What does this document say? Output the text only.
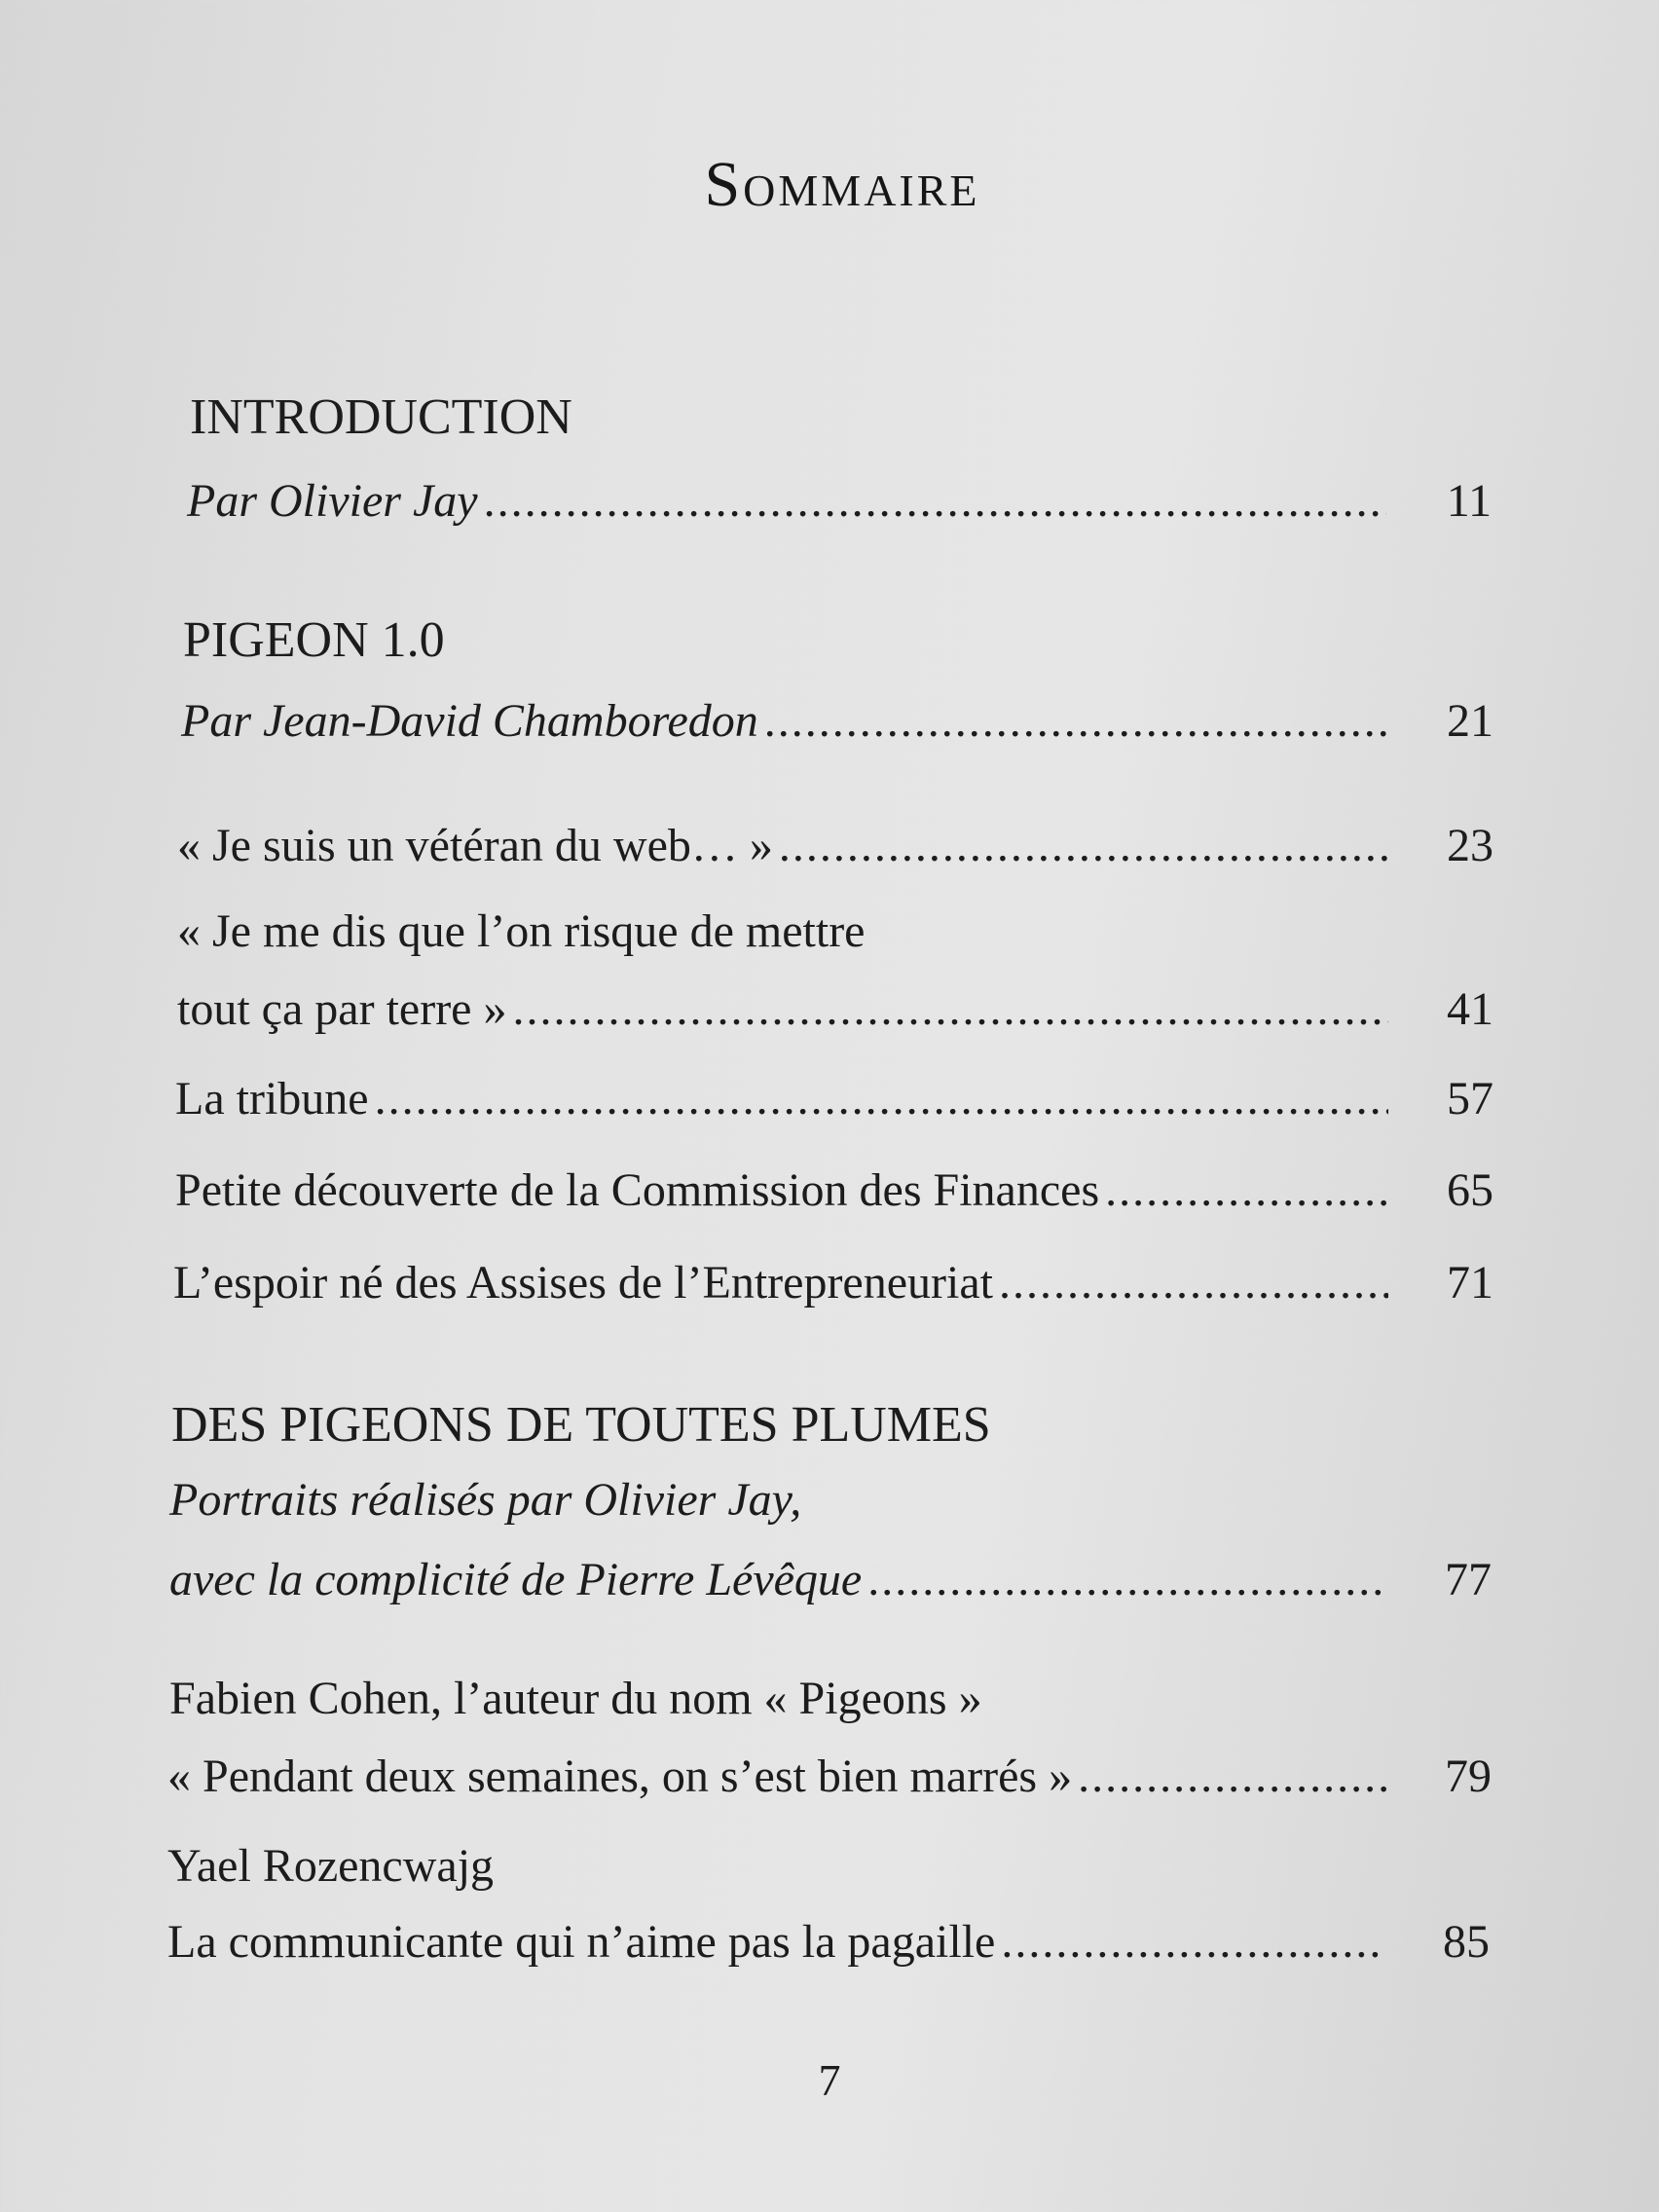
Sommaire
INTRODUCTION
Par Olivier Jay .....	11
PIGEON 1.0
Par Jean-David Chamboredon .....	21
« Je suis un vétéran du web… » .....	23
« Je me dis que l’on risque de mettre
tout ça par terre » .....	41
La tribune .....	57
Petite découverte de la Commission des Finances .....	65
L’espoir né des Assises de l’Entrepreneuriat .....	71
DES PIGEONS DE TOUTES PLUMES
Portraits réalisés par Olivier Jay,
avec la complicité de Pierre Lévêque .....	77
Fabien Cohen, l’auteur du nom « Pigeons »
« Pendant deux semaines, on s’est bien marrés » .....	79
Yael Rozencwajg
La communicante qui n’aime pas la pagaille .....	85
7
